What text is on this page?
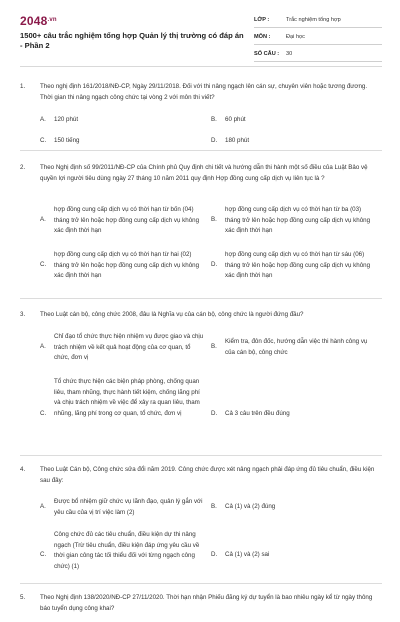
$2048^{.vn}$
1500+ câu trắc nghiệm tổng hợp Quản lý thị trường có đáp án - Phần 2
LỚP :	Trắc nghiệm tổng hợp
MÔN :	Đại học
SỐ CÂU : 30
1. Theo nghị định 161/2018/NĐ-CP, Ngày 29/11/2018. Đối với thi nâng ngạch lên cán sự, chuyên viên hoặc tương đương. Thời gian thi nâng ngạch công chức tại vòng 2 với môn thi viết?
A.	120 phút	B.	60 phút
C.	150 tiếng	D.	180 phút
2. Theo Nghị định số 99/2011/NĐ-CP của Chính phủ Quy định chi tiết và hướng dẫn thi hành một số điều của Luật Bảo vệ quyền lợi người tiêu dùng ngày 27 tháng 10 năm 2011 quy định Hợp đồng cung cấp dịch vụ liên tục là ?
A.
hợp đồng cung cấp dịch vụ có thời hạn từ bốn (04) tháng trở lên hoặc hợp đồng cung cấp dịch vụ không xác định thời hạn
B.
hợp đồng cung cấp dịch vụ có thời hạn từ ba (03) tháng trở lên hoặc hợp đồng cung cấp dịch vụ không xác định thời hạn
C.
hợp đồng cung cấp dịch vụ có thời hạn từ hai (02) tháng trở lên hoặc hợp đồng cung cấp dịch vụ không xác định thời hạn
D.
hợp đồng cung cấp dịch vụ có thời hạn từ sáu (06) tháng trở lên hoặc hợp đồng cung cấp dịch vụ không xác định thời hạn
3. Theo Luật cán bộ, công chức 2008, đâu là Nghĩa vụ của cán bộ, công chức là người đứng đầu?
A.
Chỉ đạo tổ chức thực hiện nhiệm vụ được giao và chịu trách nhiệm về kết quả hoạt động của cơ quan, tổ chức, đơn vị
B.
Kiểm tra, đôn đốc, hướng dẫn việc thi hành công vụ của cán bộ, công chức
C.
Tổ chức thực hiện các biện pháp phòng, chống quan liêu, tham nhũng, thực hành tiết kiệm, chống lãng phí và chịu trách nhiệm về việc để xảy ra quan liêu, tham nhũng, lãng phí trong cơ quan, tổ chức, đơn vị	D.	Cả 3 câu trên đều đúng
4. Theo Luật Cán bộ, Công chức sửa đổi năm 2019. Công chức được xét nâng ngạch phải đáp ứng đủ tiêu chuẩn, điều kiện sau đây:
A.
Được bổ nhiệm giữ chức vụ lãnh đạo, quản lý gắn với yêu cầu của vị trí việc làm (2)
B.	Cả (1) và (2) đúng
C.
Công chức đủ các tiêu chuẩn, điều kiện dự thi nâng ngạch (Trừ tiêu chuẩn, điều kiện đáp ứng yêu cầu về thời gian công tác tối thiểu đối với từng ngạch công chức) (1)
D.	Cả (1) và (2) sai
5. Theo Nghị định 138/2020/NĐ-CP 27/11/2020. Thời hạn nhận Phiếu đăng ký dự tuyển là bao nhiêu ngày kể từ ngày thông báo tuyển dụng công khai?
